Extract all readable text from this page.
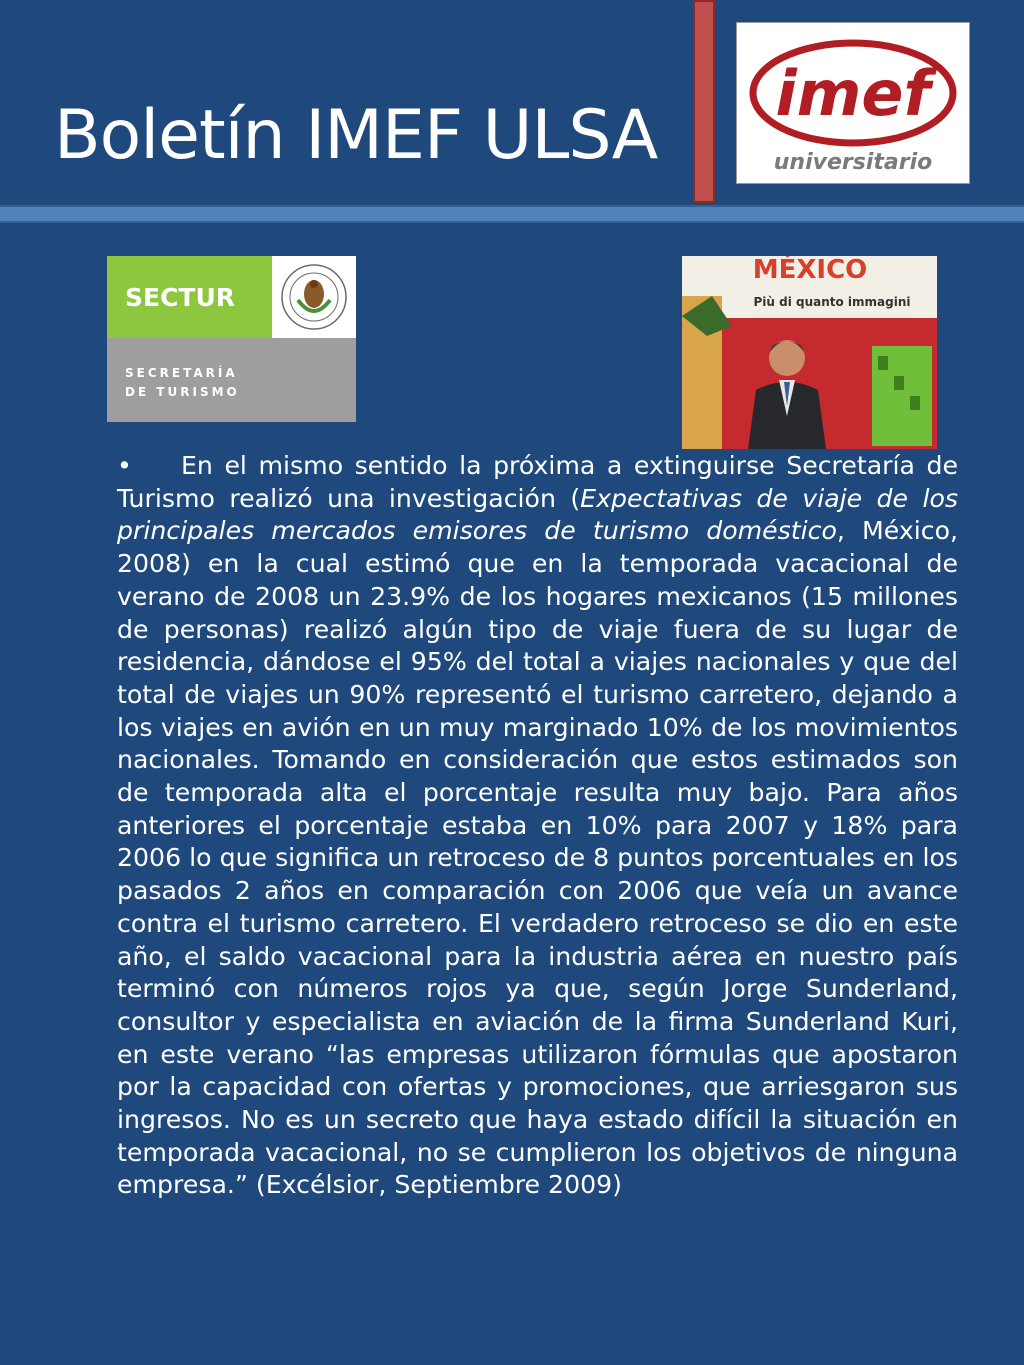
Boletín IMEF ULSA
imef
universitario
SECTUR
SECRETARÍA
DE TURISMO
MÉXICO
Più di quanto immagini
• En el mismo sentido la próxima a extinguirse Secretaría de Turismo realizó una investigación (Expectativas de viaje de los principales mercados emisores de turismo doméstico, México, 2008) en la cual estimó que en la temporada vacacional de verano de 2008 un 23.9% de los hogares mexicanos (15 millones de personas) realizó algún tipo de viaje fuera de su lugar de residencia, dándose el 95% del total a viajes nacionales y que del total de viajes un 90% representó el turismo carretero, dejando a los viajes en avión en un muy marginado 10% de los movimientos nacionales. Tomando en consideración que estos estimados son de temporada alta el porcentaje resulta muy bajo. Para años anteriores el porcentaje estaba en 10% para 2007 y 18% para 2006 lo que significa un retroceso de 8 puntos porcentuales en los pasados 2 años en comparación con 2006 que veía un avance contra el turismo carretero. El verdadero retroceso se dio en este año, el saldo vacacional para la industria aérea en nuestro país terminó con números rojos ya que, según Jorge Sunderland, consultor y especialista en aviación de la firma Sunderland Kuri, en este verano “las empresas utilizaron fórmulas que apostaron por la capacidad con ofertas y promociones, que arriesgaron sus ingresos. No es un secreto que haya estado difícil la situación en temporada vacacional, no se cumplieron los objetivos de ninguna empresa.” (Excélsior, Septiembre 2009)
